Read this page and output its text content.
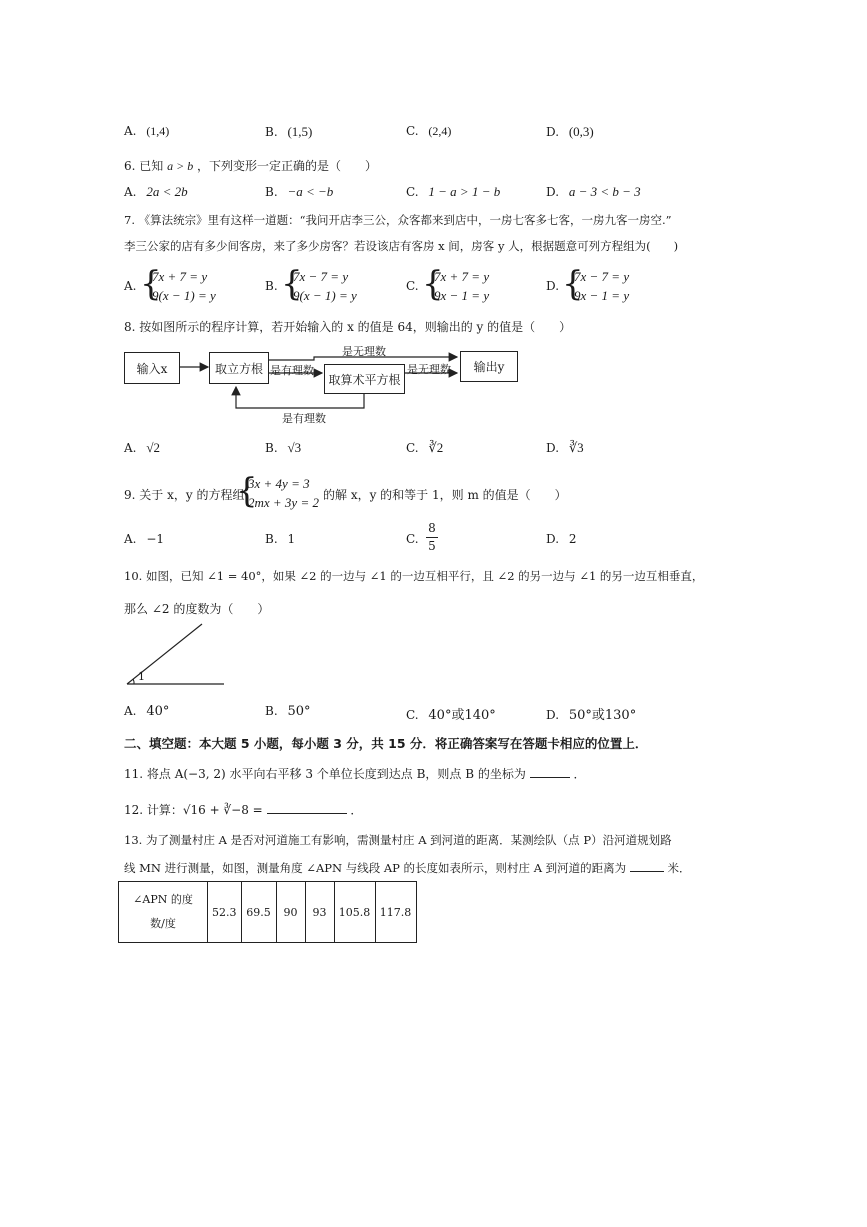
A. (1,4)	B. (1,5)	C. (2,4)	D. (0,3)
6. 已知 a > b ，下列变形一定正确的是（　　）
A. 2a < 2b	B. −a < −b	C. 1 − a > 1 − b	D. a − 3 < b − 3
7. 《算法统宗》里有这样一道题：“我问开店李三公，众客都来到店中，一房七客多七客，一房九客一房空.”
李三公家的店有多少间客房，来了多少房客？若设该店有客房 x 间，房客 y 人，根据题意可列方程组为(　　)
A. {
7x + 7 = y
9(x − 1) = y
B. {
7x − 7 = y
9(x − 1) = y
C. {
7x + 7 = y
9x − 1 = y
D. {
7x − 7 = y
9x − 1 = y
8. 按如图所示的程序计算，若开始输入的 x 的值是 64，则输出的 y 的值是（　　）
输入x	取立方根
取算术平方根
输出y
是有理数
是无理数
是无理数
是有理数
A. √2	B. √3	C. ∛2	D. ∛3
9. 关于 x，y 的方程组
{
3x + 4y = 3
2mx + 3y = 2 的解 x，y 的和等于 1，则 m 的值是（　　）
A. −1	B. 1	C. $\frac{8}{5}$	D. 2
10. 如图，已知 ∠1 = 40°，如果 ∠2 的一边与 ∠1 的一边互相平行，且 ∠2 的另一边与 ∠1 的另一边互相垂直，
那么 ∠2 的度数为（　　）
1
A. 40°	B. 50°	C. 40°或140°	D. 50°或130°
二、填空题：本大题 5 小题，每小题 3 分，共 15 分．将正确答案写在答题卡相应的位置上．
11. 将点 A(−3, 2) 水平向右平移 3 个单位长度到达点 B，则点 B 的坐标为	．
12. 计算：√16 + ∛−8 =	．
13. 为了测量村庄 A 是否对河道施工有影响，需测量村庄 A 到河道的距离．某测绘队（点 P）沿河道规划路
线 MN 进行测量，如图，测量角度 ∠APN 与线段 AP 的长度如表所示，则村庄 A 到河道的距离为	米．
∠APN 的度
数/度
	52.3	69.5	90	93	105.8	117.8
